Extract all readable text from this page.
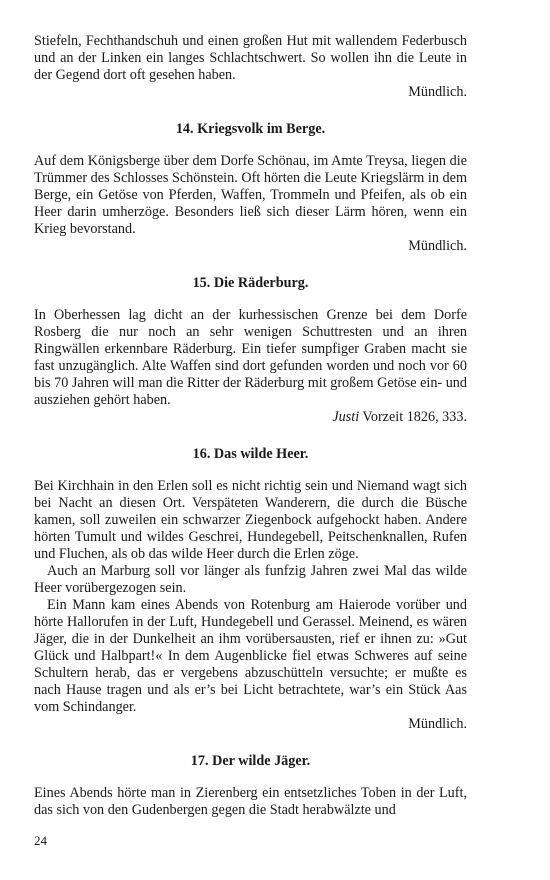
Stiefeln, Fechthandschuh und einen großen Hut mit wallendem Federbusch und an der Linken ein langes Schlachtschwert. So wollen ihn die Leute in der Gegend dort oft gesehen haben.

Mündlich.

14. Kriegsvolk im Berge.

Auf dem Königsberge über dem Dorfe Schönau, im Amte Treysa, liegen die Trümmer des Schlosses Schönstein. Oft hörten die Leute Kriegslärm in dem Berge, ein Getöse von Pferden, Waffen, Trommeln und Pfeifen, als ob ein Heer darin umherzöge. Besonders ließ sich dieser Lärm hören, wenn ein Krieg bevorstand.

Mündlich.

15. Die Räderburg.

In Oberhessen lag dicht an der kurhessischen Grenze bei dem Dorfe Rosberg die nur noch an sehr wenigen Schuttresten und an ihren Ringwällen erkennbare Räderburg. Ein tiefer sumpfiger Graben macht sie fast unzugänglich. Alte Waffen sind dort gefunden worden und noch vor 60 bis 70 Jahren will man die Ritter der Räderburg mit großem Getöse ein- und ausziehen gehört haben.

Justi Vorzeit 1826, 333.

16. Das wilde Heer.

Bei Kirchhain in den Erlen soll es nicht richtig sein und Niemand wagt sich bei Nacht an diesen Ort. Verspäteten Wanderern, die durch die Büsche kamen, soll zuweilen ein schwarzer Ziegenbock aufgehockt haben. Andere hörten Tumult und wildes Geschrei, Hundegebell, Peitschenknallen, Rufen und Fluchen, als ob das wilde Heer durch die Erlen zöge.

Auch an Marburg soll vor länger als funfzig Jahren zwei Mal das wilde Heer vorübergezogen sein.

Ein Mann kam eines Abends von Rotenburg am Haierode vorüber und hörte Hallorufen in der Luft, Hundegebell und Gerassel. Meinend, es wären Jäger, die in der Dunkelheit an ihm vorübersausten, rief er ihnen zu: »Gut Glück und Halbpart!« In dem Augenblicke fiel etwas Schweres auf seine Schultern herab, das er vergebens abzuschütteln versuchte; er mußte es nach Hause tragen und als er’s bei Licht betrachtete, war’s ein Stück Aas vom Schindanger.

Mündlich.

17. Der wilde Jäger.

Eines Abends hörte man in Zierenberg ein entsetzliches Toben in der Luft, das sich von den Gudenbergen gegen die Stadt herabwälzte und

24
